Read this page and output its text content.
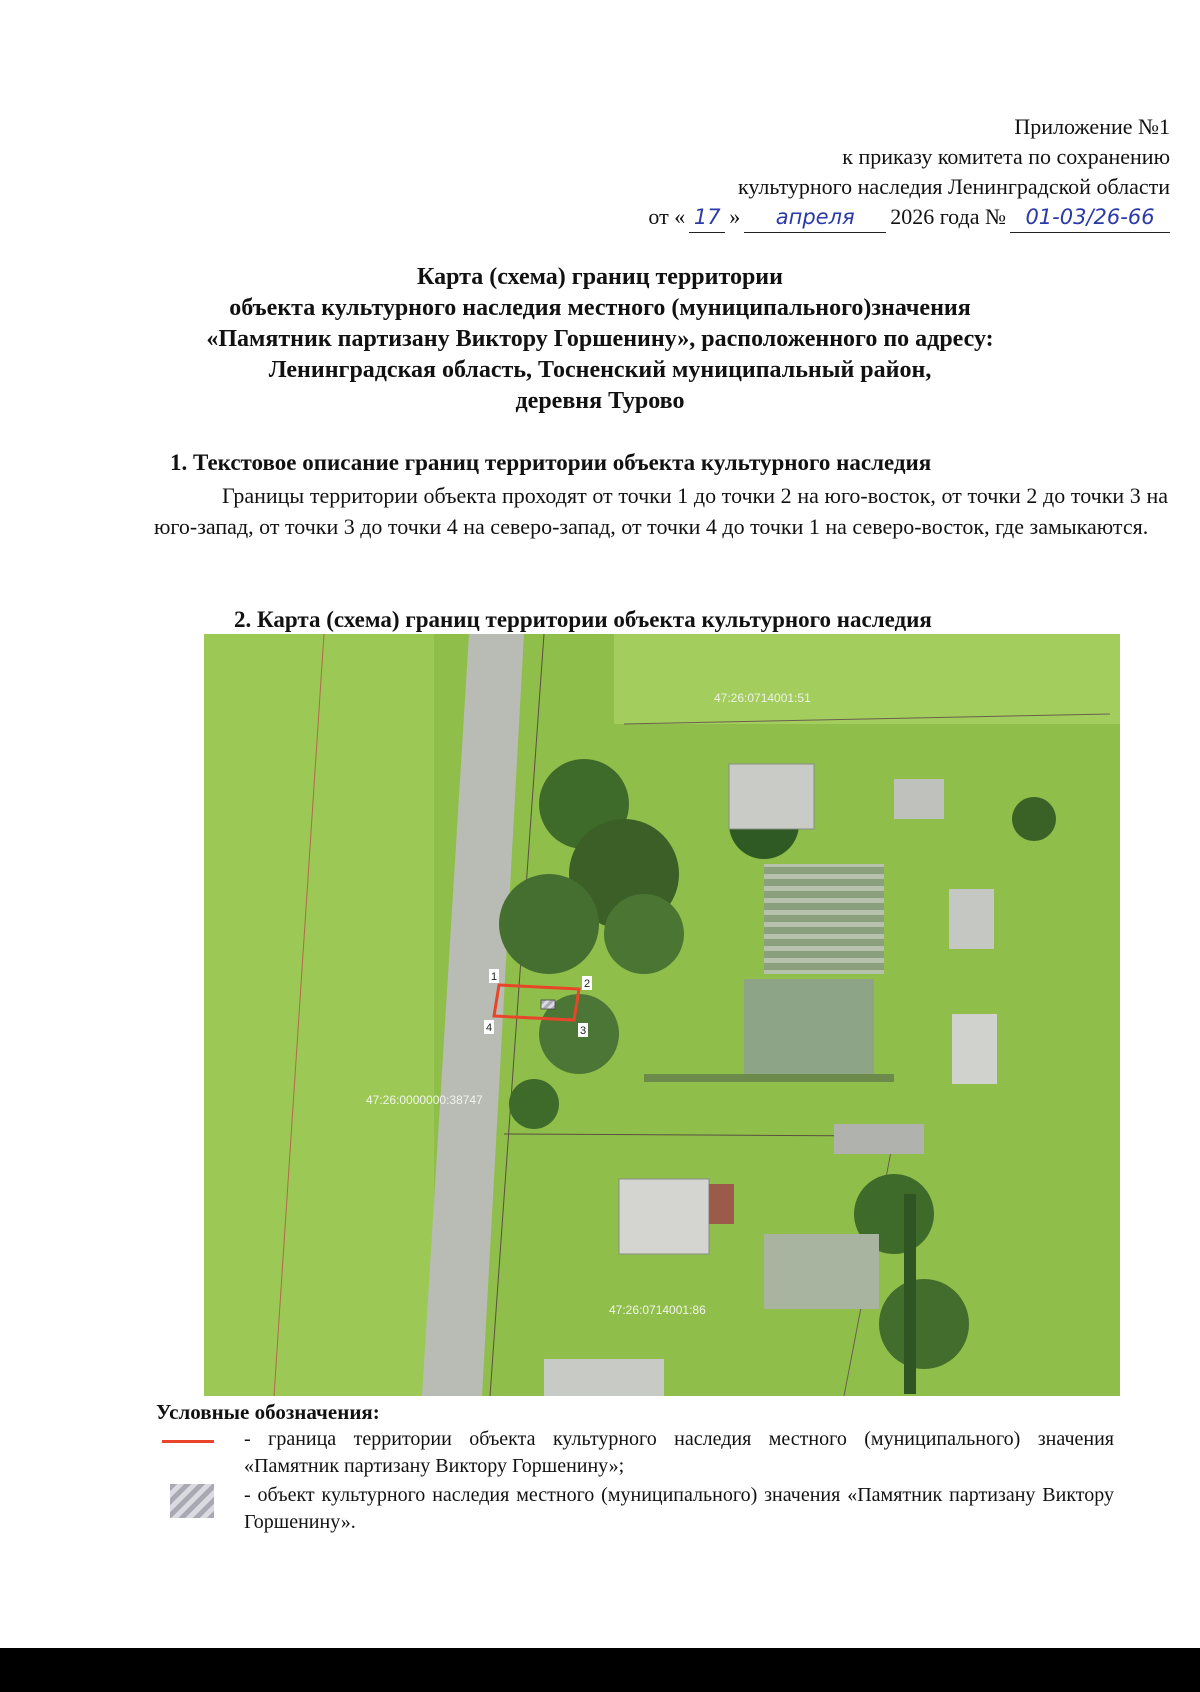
Приложение №1
к приказу комитета по сохранению
культурного наследия Ленинградской области
от « 17 »	апреля	2026 года № 01-03/26-66
Карта (схема) границ территории
объекта культурного наследия местного (муниципального)значения
«Памятник партизану Виктору Горшенину», расположенного по адресу:
Ленинградская область, Тосненский муниципальный район,
деревня Турово
1. Текстовое описание границ территории объекта культурного наследия
Границы территории объекта проходят от точки 1 до точки 2 на юго-восток, от точки 2 до точки 3 на юго-запад, от точки 3 до точки 4 на северо-запад, от точки 4 до точки 1 на северо-восток, где замыкаются.
2. Карта (схема) границ территории объекта культурного наследия
1
2
3
4
47:26:0714001:51
47:26:0000000:38747
47:26:0714001:86
Условные обозначения:
- граница территории объекта культурного наследия местного (муниципального) значения «Памятник партизану Виктору Горшенину»;
- объект культурного наследия местного (муниципального) значения «Памятник партизану Виктору Горшенину».
